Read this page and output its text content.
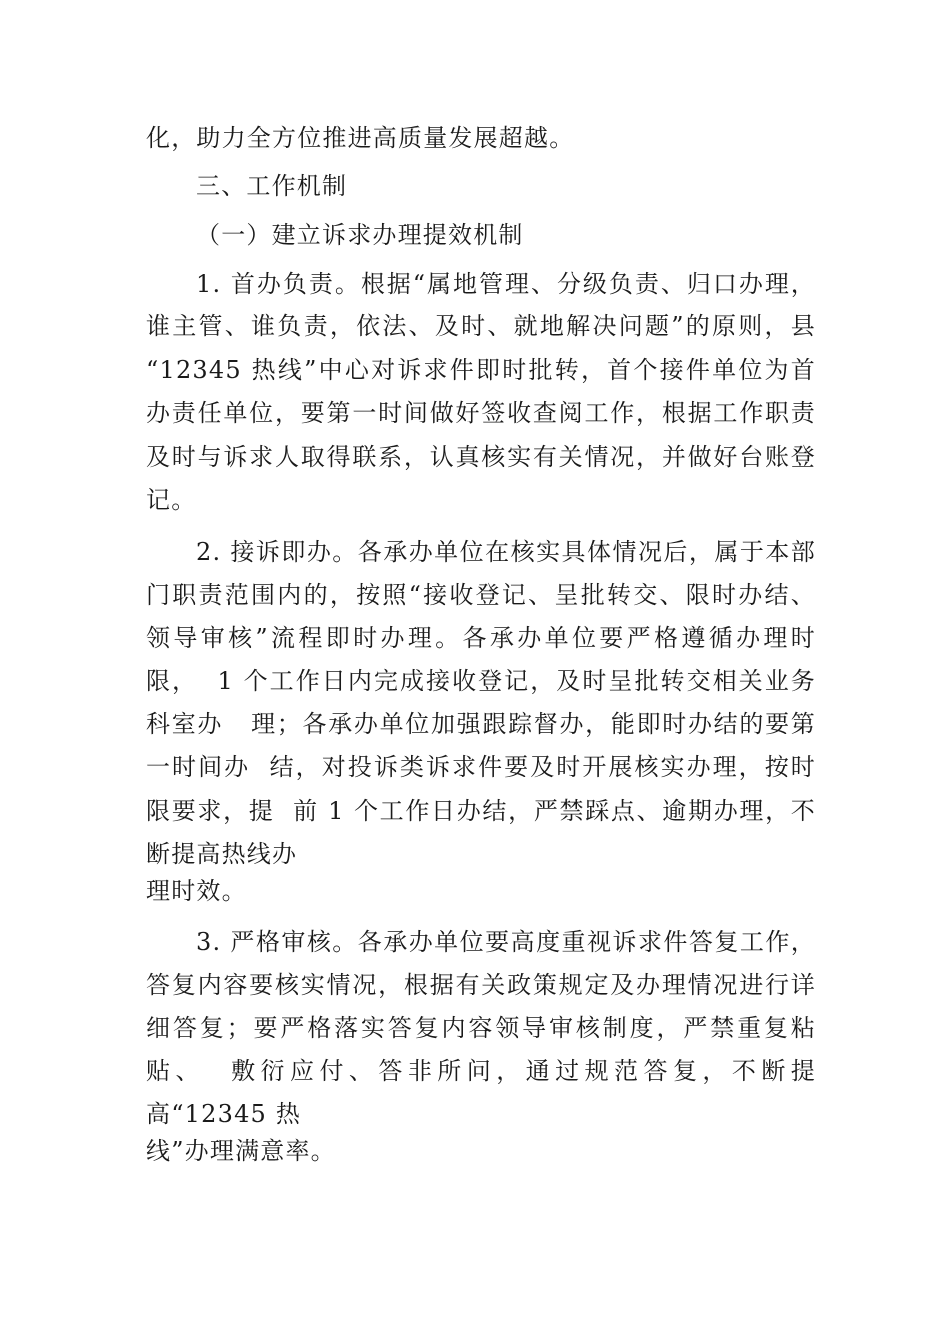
化，助力全方位推进高质量发展超越。
三、工作机制
（一）建立诉求办理提效机制
1. 首办负责。根据“属地管理、分级负责、归口办理，
谁主管、谁负责，依法、及时、就地解决问题”的原则，县
“12345 热线”中心对诉求件即时批转，首个接件单位为首
办责任单位，要第一时间做好签收查阅工作，根据工作职责
及时与诉求人取得联系，认真核实有关情况，并做好台账登
记。
2. 接诉即办。各承办单位在核实具体情况后，属于本部
门职责范围内的，按照“接收登记、呈批转交、限时办结、
领导审核”流程即时办理。各承办单位要严格遵循办理时
限，  1 个工作日内完成接收登记，及时呈批转交相关业务
科室办   理；各承办单位加强跟踪督办，能即时办结的要第
一时间办  结，对投诉类诉求件要及时开展核实办理，按时
限要求，提  前 1 个工作日办结，严禁踩点、逾期办理，不
断提高热线办
理时效。
3. 严格审核。各承办单位要高度重视诉求件答复工作，
答复内容要核实情况，根据有关政策规定及办理情况进行详
细答复；要严格落实答复内容领导审核制度，严禁重复粘
贴、  敷衍应付、答非所问，通过规范答复，不断提
高“12345 热
线”办理满意率。
